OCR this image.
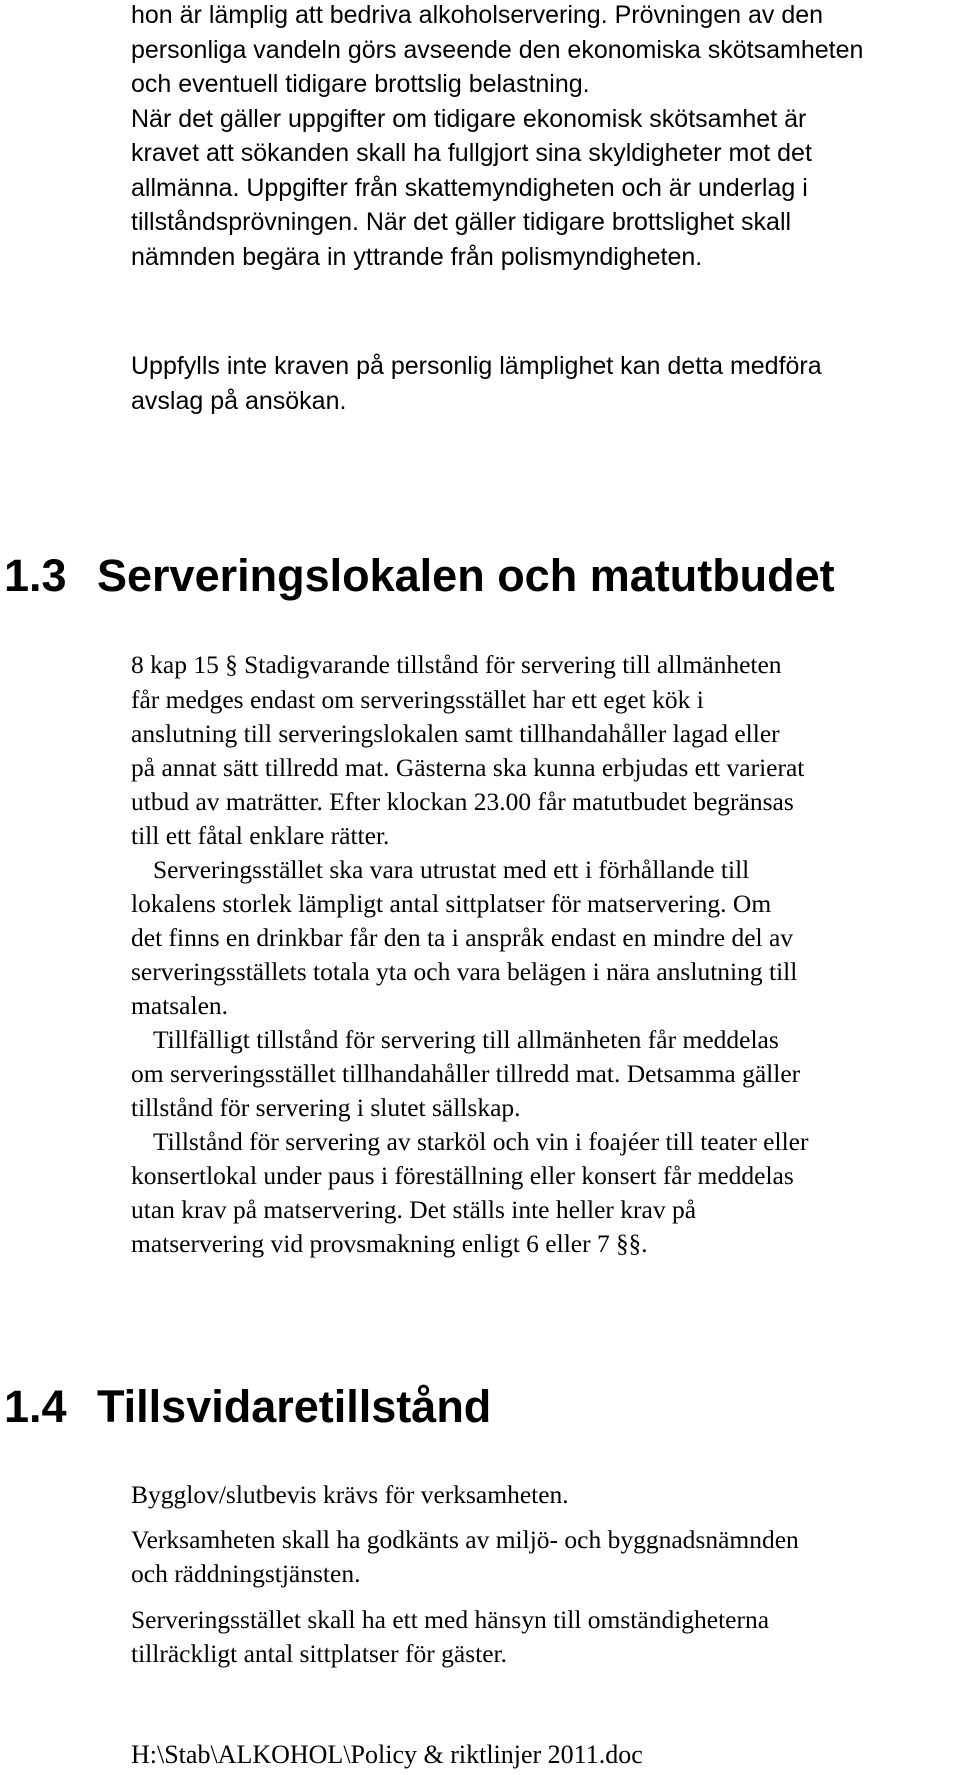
hon är lämplig att bedriva alkoholservering. Prövningen av den
personliga vandeln görs avseende den ekonomiska skötsamheten
och eventuell tidigare brottslig belastning.
När det gäller uppgifter om tidigare ekonomisk skötsamhet är
kravet att sökanden skall ha fullgjort sina skyldigheter mot det
allmänna. Uppgifter från skattemyndigheten och är underlag i
tillståndsprövningen. När det gäller tidigare brottslighet skall
nämnden begära in yttrande från polismyndigheten.
Uppfylls inte kraven på personlig lämplighet kan detta medföra
avslag på ansökan.
1.3 Serveringslokalen och matutbudet
8 kap 15 § Stadigvarande tillstånd för servering till allmänheten
får medges endast om serveringsstället har ett eget kök i
anslutning till serveringslokalen samt tillhandahåller lagad eller
på annat sätt tillredd mat. Gästerna ska kunna erbjudas ett varierat
utbud av maträtter. Efter klockan 23.00 får matutbudet begränsas
till ett fåtal enklare rätter.
Serveringsstället ska vara utrustat med ett i förhållande till
lokalens storlek lämpligt antal sittplatser för matservering. Om
det finns en drinkbar får den ta i anspråk endast en mindre del av
serveringsställets totala yta och vara belägen i nära anslutning till
matsalen.
Tillfälligt tillstånd för servering till allmänheten får meddelas
om serveringsstället tillhandahåller tillredd mat. Detsamma gäller
tillstånd för servering i slutet sällskap.
Tillstånd för servering av starköl och vin i foajéer till teater eller
konsertlokal under paus i föreställning eller konsert får meddelas
utan krav på matservering. Det ställs inte heller krav på
matservering vid provsmakning enligt 6 eller 7 §§.
1.4 Tillsvidaretillstånd
Bygglov/slutbevis krävs för verksamheten.
Verksamheten skall ha godkänts av miljö- och byggnadsnämnden
och räddningstjänsten.
Serveringsstället skall ha ett med hänsyn till omständigheterna
tillräckligt antal sittplatser för gäster.

H:\Stab\ALKOHOL\Policy & riktlinjer 2011.doc
